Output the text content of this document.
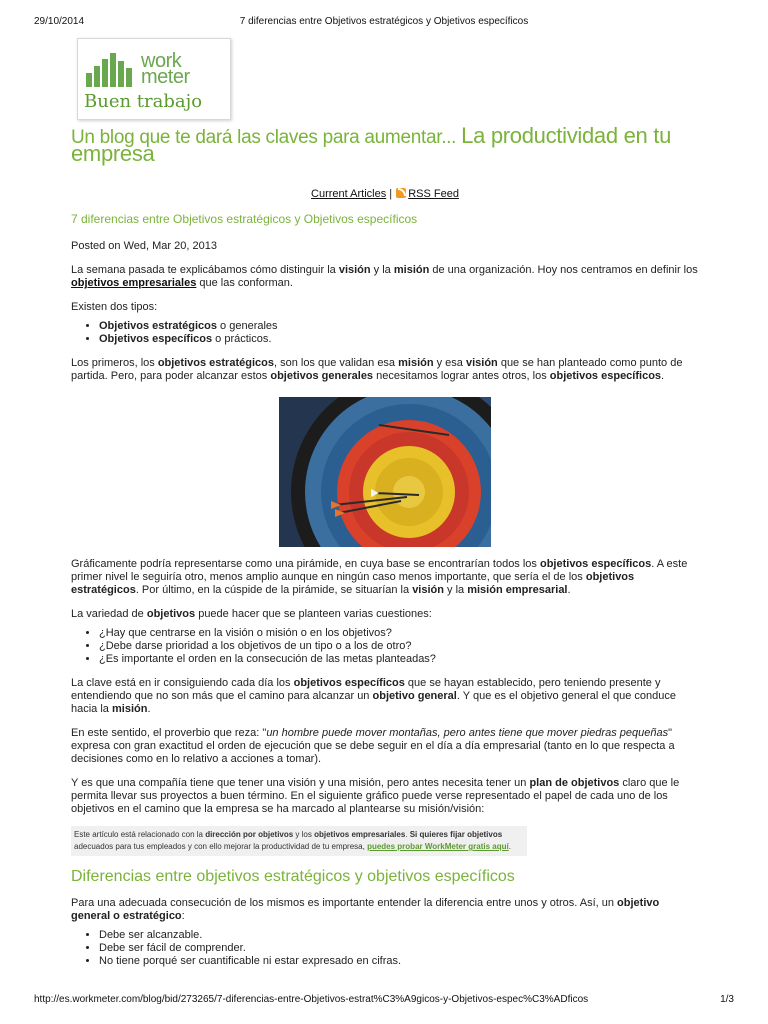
29/10/2014	7 diferencias entre Objetivos estratégicos y Objetivos específicos
work
meter
Buen trabajo
Un blog que te dará las claves para aumentar... La productividad en tu empresa
Current Articles | RSS Feed
7 diferencias entre Objetivos estratégicos y Objetivos específicos

Posted on Wed, Mar 20, 2013

La semana pasada te explicábamos cómo distinguir la visión y la misión de una organización. Hoy nos centramos en definir los objetivos empresariales que las conforman.

Existen dos tipos:

• Objetivos estratégicos o generales
• Objetivos específicos o prácticos.

Los primeros, los objetivos estratégicos, son los que validan esa misión y esa visión que se han planteado como punto de partida. Pero, para poder alcanzar estos objetivos generales necesitamos lograr antes otros, los objetivos específicos.

Gráficamente podría representarse como una pirámide, en cuya base se encontrarían todos los objetivos específicos. A este primer nivel le seguiría otro, menos amplio aunque en ningún caso menos importante, que sería el de los objetivos estratégicos. Por último, en la cúspide de la pirámide, se situarían la visión y la misión empresarial.

La variedad de objetivos puede hacer que se planteen varias cuestiones:

• ¿Hay que centrarse en la visión o misión o en los objetivos?
• ¿Debe darse prioridad a los objetivos de un tipo o a los de otro?
• ¿Es importante el orden en la consecución de las metas planteadas?

La clave está en ir consiguiendo cada día los objetivos específicos que se hayan establecido, pero teniendo presente y entendiendo que no son más que el camino para alcanzar un objetivo general. Y que es el objetivo general el que conduce hacia la misión.

En este sentido, el proverbio que reza: "un hombre puede mover montañas, pero antes tiene que mover piedras pequeñas" expresa con gran exactitud el orden de ejecución que se debe seguir en el día a día empresarial (tanto en lo que respecta a decisiones como en lo relativo a acciones a tomar).

Y es que una compañía tiene que tener una visión y una misión, pero antes necesita tener un plan de objetivos claro que le permita llevar sus proyectos a buen término. En el siguiente gráfico puede verse representado el papel de cada uno de los objetivos en el camino que la empresa se ha marcado al plantearse su misión/visión:

Este artículo está relacionado con la dirección por objetivos y los objetivos empresariales. Si quieres fijar objetivos adecuados para tus empleados y con ello mejorar la productividad de tu empresa, puedes probar WorkMeter gratis aquí.
Diferencias entre objetivos estratégicos y objetivos específicos

Para una adecuada consecución de los mismos es importante entender la diferencia entre unos y otros. Así, un objetivo general o estratégico:

• Debe ser alcanzable.
• Debe ser fácil de comprender.
• No tiene porqué ser cuantificable ni estar expresado en cifras.
http://es.workmeter.com/blog/bid/273265/7-diferencias-entre-Objetivos-estrat%C3%A9gicos-y-Objetivos-espec%C3%ADficos	1/3
